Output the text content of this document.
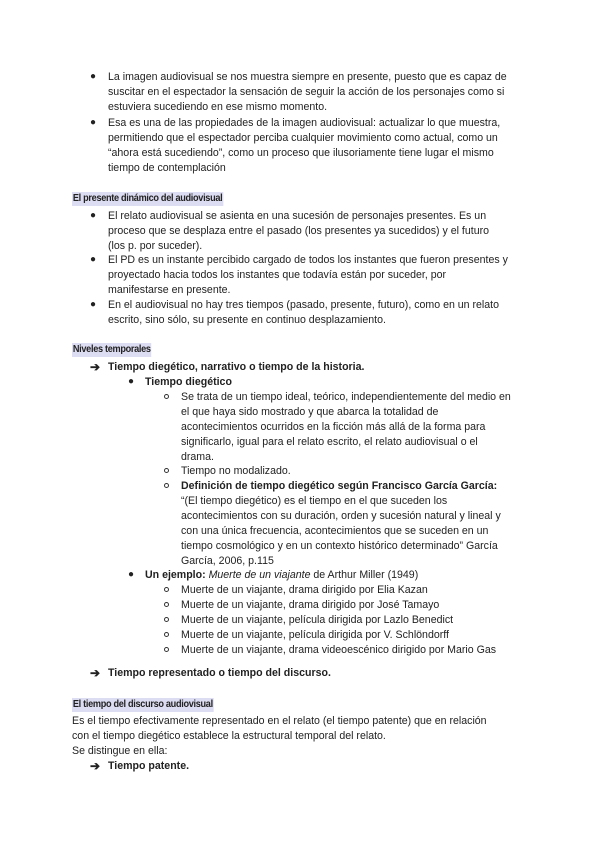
● La imagen audiovisual se nos muestra siempre en presente, puesto que es capaz de
suscitar en el espectador la sensación de seguir la acción de los personajes como si
estuviera sucediendo en ese mismo momento.
● Esa es una de las propiedades de la imagen audiovisual: actualizar lo que muestra,
permitiendo que el espectador perciba cualquier movimiento como actual, como un
“ahora está sucediendo”, como un proceso que ilusoriamente tiene lugar el mismo
tiempo de contemplación
El presente dinámico del audiovisual
● El relato audiovisual se asienta en una sucesión de personajes presentes. Es un
proceso que se desplaza entre el pasado (los presentes ya sucedidos) y el futuro
(los p. por suceder).
● El PD es un instante percibido cargado de todos los instantes que fueron presentes y
proyectado hacia todos los instantes que todavía están por suceder, por
manifestarse en presente.
● En el audiovisual no hay tres tiempos (pasado, presente, futuro), como en un relato
escrito, sino sólo, su presente en continuo desplazamiento.
Niveles temporales
➔ Tiempo diegético, narrativo o tiempo de la historia.
● Tiempo diegético
Se trata de un tiempo ideal, teórico, independientemente del medio en
el que haya sido mostrado y que abarca la totalidad de
acontecimientos ocurridos en la ficción más allá de la forma para
significarlo, igual para el relato escrito, el relato audiovisual o el
drama.
Tiempo no modalizado.
Definición de tiempo diegético según Francisco García García:
“(El tiempo diegético) es el tiempo en el que suceden los
acontecimientos con su duración, orden y sucesión natural y lineal y
con una única frecuencia, acontecimientos que se suceden en un
tiempo cosmológico y en un contexto histórico determinado” García
García, 2006, p.115
● Un ejemplo: Muerte de un viajante de Arthur Miller (1949)
Muerte de un viajante, drama dirigido por Elia Kazan
Muerte de un viajante, drama dirigido por José Tamayo
Muerte de un viajante, película dirigida por Lazlo Benedict
Muerte de un viajante, película dirigida por V. Schlöndorff
Muerte de un viajante, drama videoescénico dirigido por Mario Gas
➔ Tiempo representado o tiempo del discurso.
El tiempo del discurso audiovisual
Es el tiempo efectivamente representado en el relato (el tiempo patente) que en relación
con el tiempo diegético establece la estructural temporal del relato.
Se distingue en ella:
➔ Tiempo patente.
